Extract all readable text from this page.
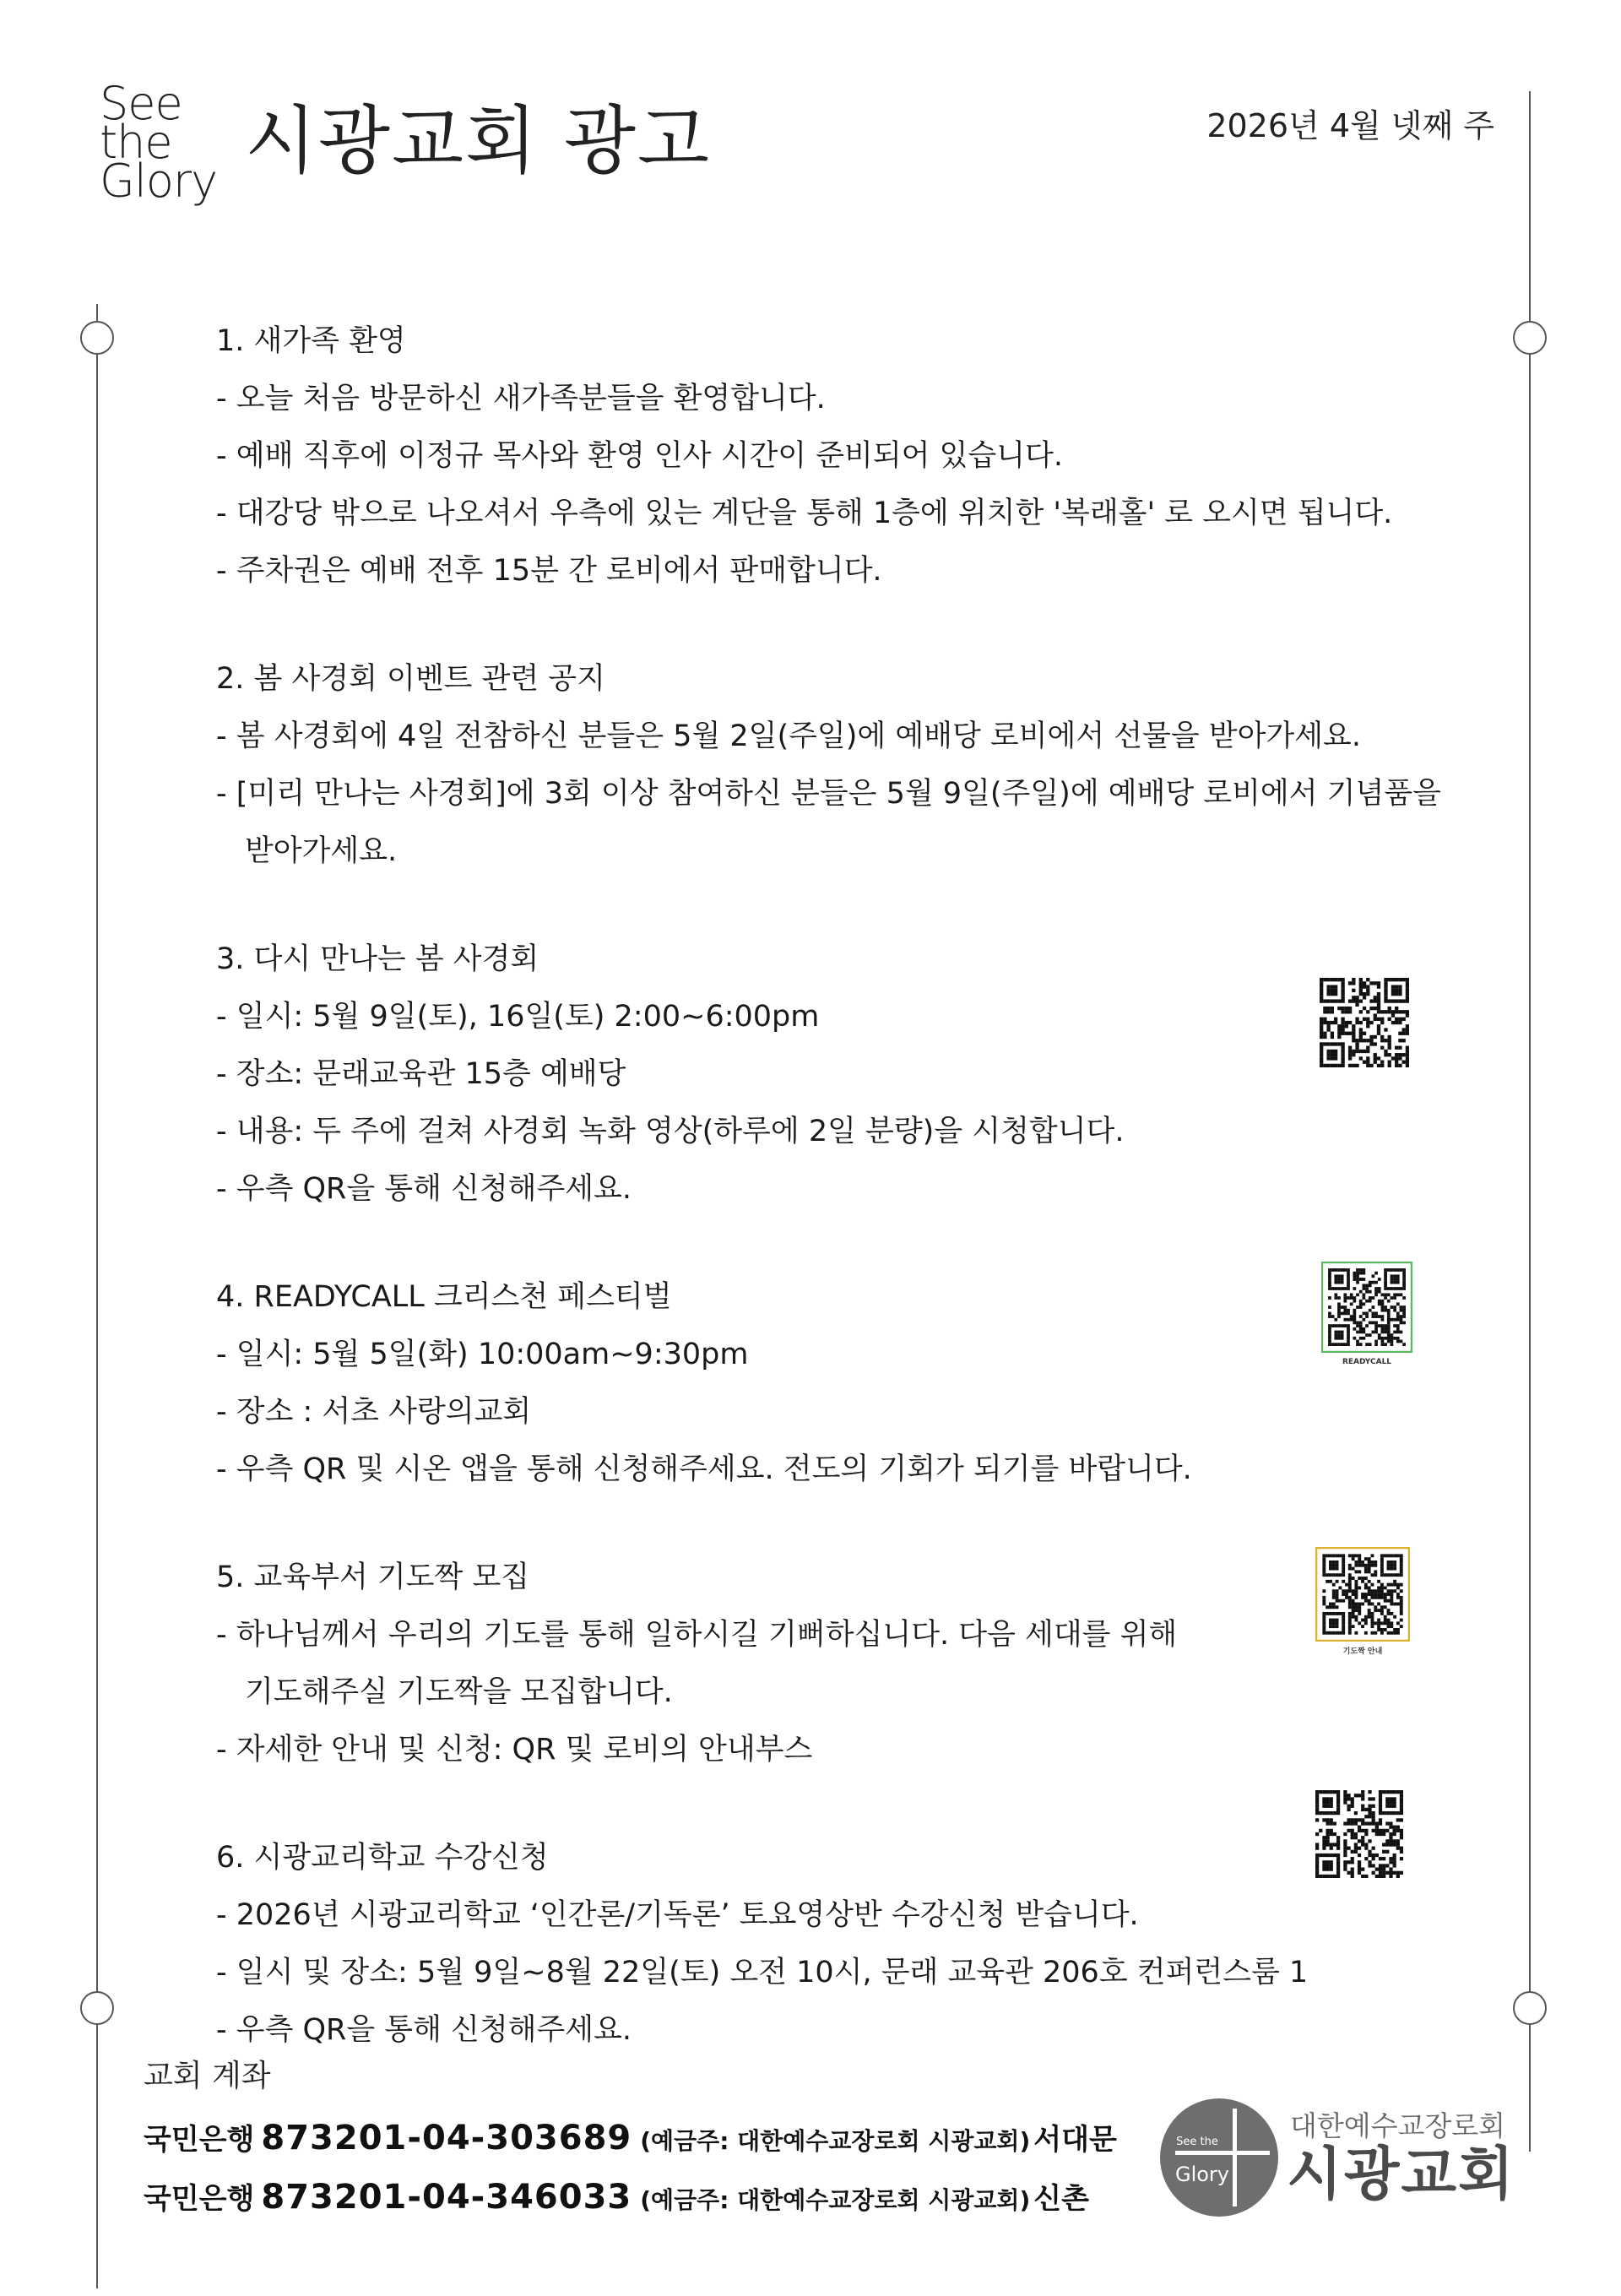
See
the
Glory 시광교회 광고	2026년 4월 넷째 주
1. 새가족 환영
- 오늘 처음 방문하신 새가족분들을 환영합니다.
- 예배 직후에 이정규 목사와 환영 인사 시간이 준비되어 있습니다.
- 대강당 밖으로 나오셔서 우측에 있는 계단을 통해 1층에 위치한 '복래홀' 로 오시면 됩니다.
- 주차권은 예배 전후 15분 간 로비에서 판매합니다.
2. 봄 사경회 이벤트 관련 공지
- 봄 사경회에 4일 전참하신 분들은 5월 2일(주일)에 예배당 로비에서 선물을 받아가세요.
- [미리 만나는 사경회]에 3회 이상 참여하신 분들은 5월 9일(주일)에 예배당 로비에서 기념품을
받아가세요.
3. 다시 만나는 봄 사경회
- 일시: 5월 9일(토), 16일(토) 2:00~6:00pm
- 장소: 문래교육관 15층 예배당
- 내용: 두 주에 걸쳐 사경회 녹화 영상(하루에 2일 분량)을 시청합니다.
- 우측 QR을 통해 신청해주세요.
4. READYCALL 크리스천 페스티벌
- 일시: 5월 5일(화) 10:00am~9:30pm
- 장소 : 서초 사랑의교회
- 우측 QR 및 시온 앱을 통해 신청해주세요. 전도의 기회가 되기를 바랍니다.
5. 교육부서 기도짝 모집
- 하나님께서 우리의 기도를 통해 일하시길 기뻐하십니다. 다음 세대를 위해
기도해주실 기도짝을 모집합니다.
- 자세한 안내 및 신청: QR 및 로비의 안내부스
6. 시광교리학교 수강신청
- 2026년 시광교리학교 ‘인간론/기독론’ 토요영상반 수강신청 받습니다.
- 일시 및 장소: 5월 9일~8월 22일(토) 오전 10시, 문래 교육관 206호 컨퍼런스룸 1
- 우측 QR을 통해 신청해주세요.
READYCALL
기도짝 안내
교회 계좌
국민은행 873201-04-303689 (예금주: 대한예수교장로회 시광교회) 서대문
국민은행 873201-04-346033 (예금주: 대한예수교장로회 시광교회) 신촌
See the
Glory
대한예수교장로회
시광교회
